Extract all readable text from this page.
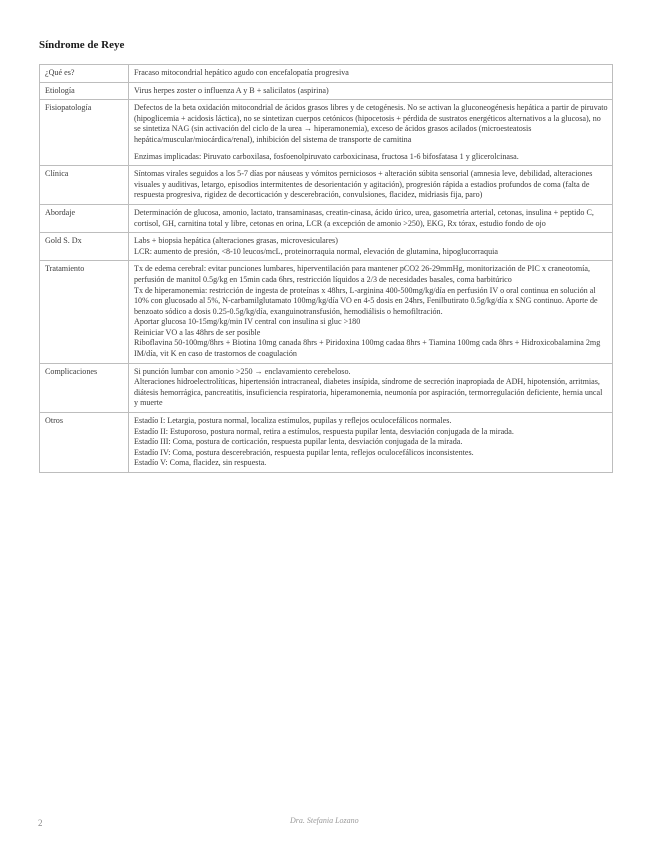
Síndrome de Reye
¿Qué es?	Fracaso mitocondrial hepático agudo con encefalopatía progresiva

Etiología	Virus herpes zoster o influenza A y B + salicilatos (aspirina)

Fisiopatología	Defectos de la beta oxidación mitocondrial de ácidos grasos libres y de cetogénesis. No se activan la gluconeogénesis hepática a partir de piruvato (hipoglicemia + acidosis láctica), no se sintetizan cuerpos cetónicos (hipocetosis + pérdida de sustratos energéticos alternativos a la glucosa), no se sintetiza NAG (sin activación del ciclo de la urea → hiperamonemia), exceso de ácidos grasos acilados (microesteatosis hepática/muscular/miocárdica/renal), inhibición del sistema de transporte de carnitina
Enzimas implicadas: Piruvato carboxilasa, fosfoenolpiruvato carboxicinasa, fructosa 1-6 bifosfatasa 1 y glicerolcinasa.

Clínica	Síntomas virales seguidos a los 5-7 días por náuseas y vómitos perniciosos + alteración súbita sensorial (amnesia leve, debilidad, alteraciones visuales y auditivas, letargo, episodios intermitentes de desorientación y agitación), progresión rápida a estadios profundos de coma (falta de respuesta progresiva, rigidez de decorticación y descerebración, convulsiones, flacidez, midriasis fija, paro)

Abordaje	Determinación de glucosa, amonio, lactato, transaminasas, creatin-cinasa, ácido úrico, urea, gasometría arterial, cetonas, insulina + peptido C, cortisol, GH, carnitina total y libre, cetonas en orina, LCR (a excepción de amonio >250), EKG, Rx tórax, estudio fondo de ojo

Gold S. Dx	Labs + biopsia hepática (alteraciones grasas, microvesiculares)
LCR: aumento de presión, <8-10 leucos/mcL, proteinorraquia normal, elevación de glutamina, hipoglucorraquia

Tratamiento	Tx de edema cerebral: evitar punciones lumbares, hiperventilación para mantener pCO2 26-29mmHg, monitorización de PIC x craneotomía, perfusión de manitol 0.5g/kg en 15min cada 6hrs, restricción líquidos a 2/3 de necesidades basales, coma barbitúrico
Tx de hiperamonemia: restricción de ingesta de proteínas x 48hrs, L-arginina 400-500mg/kg/día en perfusión IV o oral continua en solución al 10% con glucosado al 5%, N-carbamilglutamato 100mg/kg/día VO en 4-5 dosis en 24hrs, Fenilbutirato 0.5g/kg/día x SNG continuo. Aporte de benzoato sódico a dosis 0.25-0.5g/kg/día, exanguinotransfusión, hemodiálisis o hemofiltración.
Aportar glucosa 10-15mg/kg/min IV central con insulina si gluc >180
Reiniciar VO a las 48hrs de ser posible
Riboflavina 50-100mg/8hrs + Biotina 10mg canada 8hrs + Piridoxina 100mg cadaa 8hrs + Tiamina 100mg cada 8hrs + Hidroxicobalamina 2mg IM/día, vit K en caso de trastornos de coagulación

Complicaciones	Si punción lumbar con amonio >250 → enclavamiento cerebeloso.
Alteraciones hidroelectrolíticas, hipertensión intracraneal, diabetes insípida, síndrome de secreción inapropiada de ADH, hipotensión, arritmias, diátesis hemorrágica, pancreatitis, insuficiencia respiratoria, hiperamonemia, neumonía por aspiración, termorregulación deficiente, hernia uncal y muerte

Otros	Estadío I: Letargia, postura normal, localiza estímulos, pupilas y reflejos oculocefálicos normales.
Estadío II: Estuporoso, postura normal, retira a estímulos, respuesta pupilar lenta, desviación conjugada de la mirada.
Estadío III: Coma, postura de corticación, respuesta pupilar lenta, desviación conjugada de la mirada.
Estadío IV: Coma, postura descerebración, respuesta pupilar lenta, reflejos oculocefálicos inconsistentes.
Estadío V: Coma, flacidez, sin respuesta.
2	Dra. Stefania Lozano
